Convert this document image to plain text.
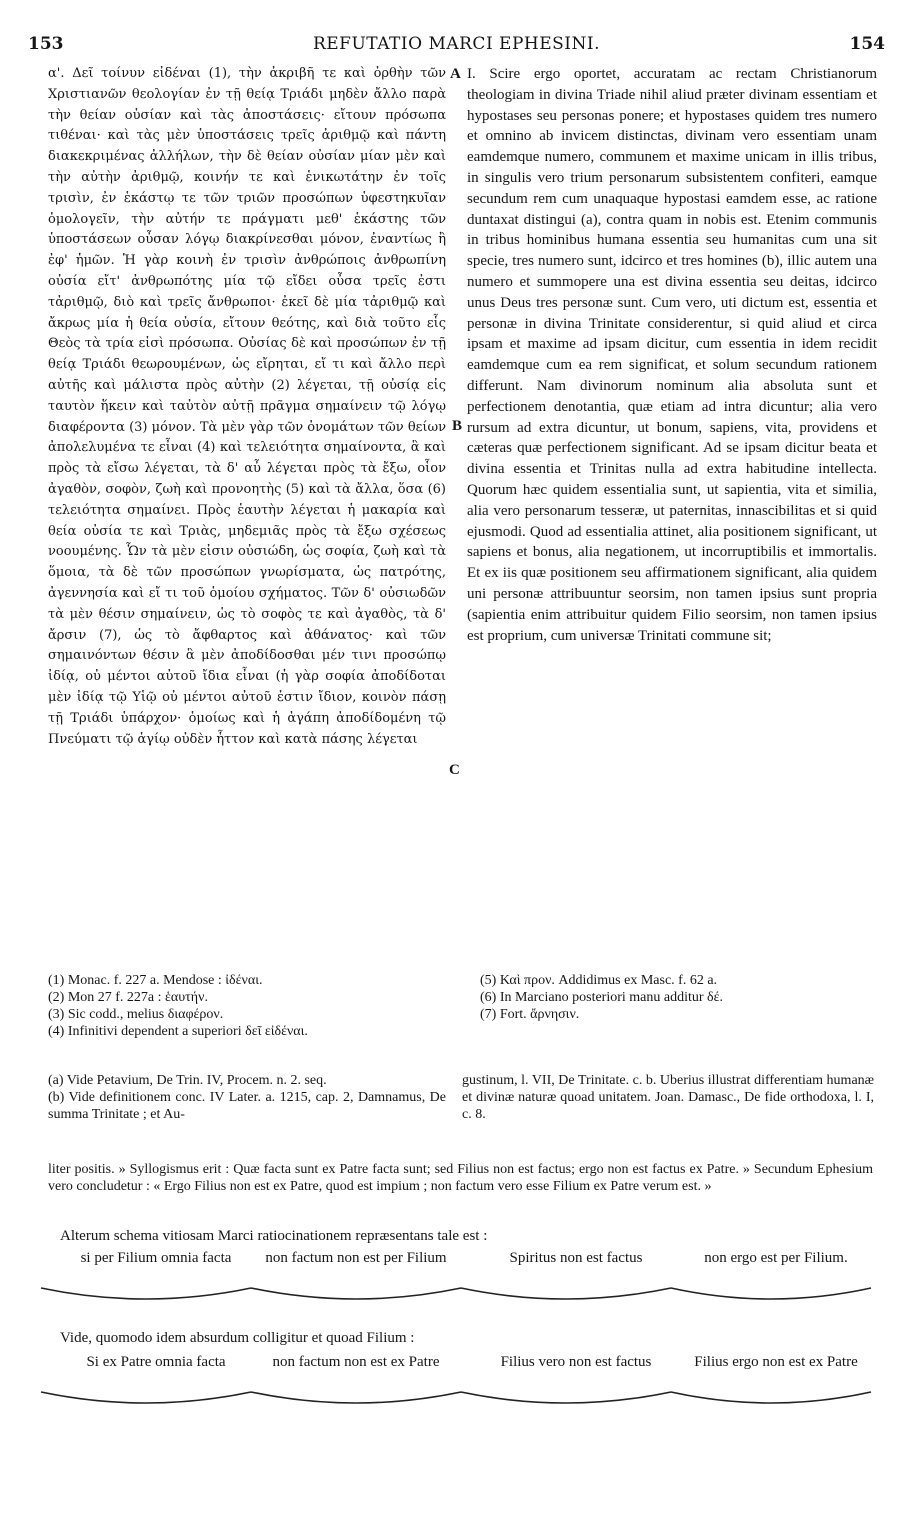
153	REFUTATIO MARCI EPHESINI.	154

α'. Δεῖ τοίνυν εἰδέναι (1), τὴν ἀκριβῆ τε καὶ ὀρθὴν τῶν Χριστιανῶν θεολογίαν ἐν τῇ θείᾳ Τριάδι μηδὲν ἄλλο παρὰ τὴν θείαν οὐσίαν καὶ τὰς ἀποστάσεις· εἴτουν πρόσωπα τιθέναι· καὶ τὰς μὲν ὑποστάσεις τρεῖς ἀριθμῷ καὶ πάντη διακεκριμένας ἀλλήλων, τὴν δὲ θείαν οὐσίαν μίαν μὲν καὶ τὴν αὐτὴν ἀριθμῷ, κοινήν τε καὶ ἑνικωτάτην ἐν τοῖς τρισὶν, ἐν ἑκάστῳ τε τῶν τριῶν προσώπων ὑφεστηκυῖαν ὁμολογεῖν, τὴν αὐτήν τε πράγματι μεθ' ἑκάστης τῶν ὑποστάσεων οὖσαν λόγῳ διακρίνεσθαι μόνον, ἐναντίως ἢ ἐφ' ἡμῶν. Ἡ γὰρ κοινὴ ἐν τρισὶν ἀνθρώποις ἀνθρωπίνη οὐσία εἴτ' ἀνθρωπότης μία τῷ εἴδει οὖσα τρεῖς ἐστι τἀριθμῷ, διὸ καὶ τρεῖς ἄνθρωποι· ἐκεῖ δὲ μία τἀριθμῷ καὶ ἄκρως μία ἡ θεία οὐσία, εἴτουν θεότης, καὶ διὰ τοῦτο εἷς Θεὸς τὰ τρία εἰσὶ πρόσωπα. Οὐσίας δὲ καὶ προσώπων ἐν τῇ θείᾳ Τριάδι θεωρουμένων, ὡς εἴρηται, εἴ τι καὶ ἄλλο περὶ αὐτῆς καὶ μάλιστα πρὸς αὐτὴν (2) λέγεται, τῇ οὐσίᾳ εἰς ταυτὸν ἥκειν καὶ ταὐτὸν αὐτῇ πρᾶγμα σημαίνειν τῷ λόγῳ διαφέροντα (3) μόνον. Τὰ μὲν γὰρ τῶν ὀνομάτων τῶν θείων ἀπολελυμένα τε εἶναι (4) καὶ τελειότητα σημαίνοντα, ἃ καὶ πρὸς τὰ εἴσω λέγεται, τὰ δ' αὖ λέγεται πρὸς τὰ ἔξω, οἷον ἀγαθὸν, σοφὸν, ζωὴ καὶ προνοητὴς (5) καὶ τὰ ἄλλα, ὅσα (6) τελειότητα σημαίνει. Πρὸς ἑαυτὴν λέγεται ἡ μακαρία καὶ θεία οὐσία τε καὶ Τριὰς, μηδεμιᾶς πρὸς τὰ ἔξω σχέσεως νοουμένης. Ὧν τὰ μὲν εἰσιν οὐσιώδη, ὡς σοφία, ζωὴ καὶ τὰ ὅμοια, τὰ δὲ τῶν προσώπων γνωρίσματα, ὡς πατρότης, ἀγεννησία καὶ εἴ τι τοῦ ὁμοίου σχήματος. Τῶν δ' οὐσιωδῶν τὰ μὲν θέσιν σημαίνειν, ὡς τὸ σοφὸς τε καὶ ἀγαθὸς, τὰ δ' ἄρσιν (7), ὡς τὸ ἄφθαρτος καὶ ἀθάνατος· καὶ τῶν σημαινόντων θέσιν ἃ μὲν ἀποδίδοσθαι μέν τινι προσώπῳ ἰδίᾳ, οὐ μέντοι αὐτοῦ ἴδια εἶναι (ἡ γὰρ σοφία ἀποδίδοται μὲν ἰδίᾳ τῷ Υἱῷ οὐ μέντοι αὐτοῦ ἐστιν ἴδιον, κοινὸν πάσῃ τῇ Τριάδι ὑπάρχον· ὁμοίως καὶ ἡ ἀγάπη ἀποδίδομένη τῷ Πνεύματι τῷ ἁγίῳ οὐδὲν ἧττον καὶ κατὰ πάσης λέγεται

I. Scire ergo oportet, accuratam ac rectam Christianorum theologiam in divina Triade nihil aliud præter divinam essentiam et hypostases seu personas ponere; et hypostases quidem tres numero et omnino ab invicem distinctas, divinam vero essentiam unam eamdemque numero, communem et maxime unicam in illis tribus, in singulis vero trium personarum subsistentem confiteri, eamque secundum rem cum unaquaque hypostasi eamdem esse, ac ratione duntaxat distingui (a), contra quam in nobis est. Etenim communis in tribus hominibus humana essentia seu humanitas cum una sit specie, tres numero sunt, idcirco et tres homines (b), illic autem una numero et summopere una est divina essentia seu deitas, idcirco unus Deus tres personæ sunt. Cum vero, uti dictum est, essentia et personæ in divina Trinitate considerentur, si quid aliud et circa ipsam et maxime ad ipsam dicitur, cum essentia in idem recidit eamdemque cum ea rem significat, et solum secundum rationem differunt. Nam divinorum nominum alia absoluta sunt et perfectionem denotantia, quæ etiam ad intra dicuntur; alia vero rursum ad extra dicuntur, ut bonum, sapiens, vita, providens et cæteras quæ perfectionem significant. Ad se ipsam dicitur beata et divina essentia et Trinitas nulla ad extra habitudine intellecta. Quorum hæc quidem essentialia sunt, ut sapientia, vita et similia, alia vero personarum tesseræ, ut paternitas, innascibilitas et si quid ejusmodi. Quod ad essentialia attinet, alia positionem significant, ut sapiens et bonus, alia negationem, ut incorruptibilis et immortalis. Et ex iis quæ positionem seu affirmationem significant, alia quidem uni personæ attribuuntur seorsim, non tamen ipsius sunt propria (sapientia enim attribuitur quidem Filio seorsim, non tamen ipsius est proprium, cum universæ Trinitati commune sit;

A
B
C
(1) Monac. f. 227 a. Mendose : ἰδέναι.
(2) Mon 27 f. 227a : ἑαυτήν.
(3) Sic codd., melius διαφέρον.
(4) Infinitivi dependent a superiori δεῖ εἰδέναι.
(5) Καὶ προν. Addidimus ex Masc. f. 62 a.
(6) In Marciano posteriori manu additur δέ.
(7) Fort. ἄρνησιν.
(a) Vide Petavium, De Trin. IV, Procem. n. 2. seq.
(b) Vide definitionem conc. IV Later. a. 1215, cap. 2, Damnamus, De summa Trinitate ; et Au-
gustinum, l. VII, De Trinitate. c. b. Uberius illustrat differentiam humanæ et divinæ naturæ quoad unitatem. Joan. Damasc., De fide orthodoxa, l. I, c. 8.
liter positis. » Syllogismus erit : Quæ facta sunt ex Patre facta sunt; sed Filius non est factus; ergo non est factus ex Patre. » Secundum Ephesium vero concludetur : « Ergo Filius non est ex Patre, quod est impium ; non factum vero esse Filium ex Patre verum est. »
Alterum schema vitiosam Marci ratiocinationem repræsentans tale est :
si per Filium omnia facta	non factum non est per Filium	Spiritus non est factus	non ergo est per Filium.
Vide, quomodo idem absurdum colligitur et quoad Filium :
Si ex Patre omnia facta	non factum non est ex Patre	Filius vero non est factus	Filius ergo non est ex Patre
